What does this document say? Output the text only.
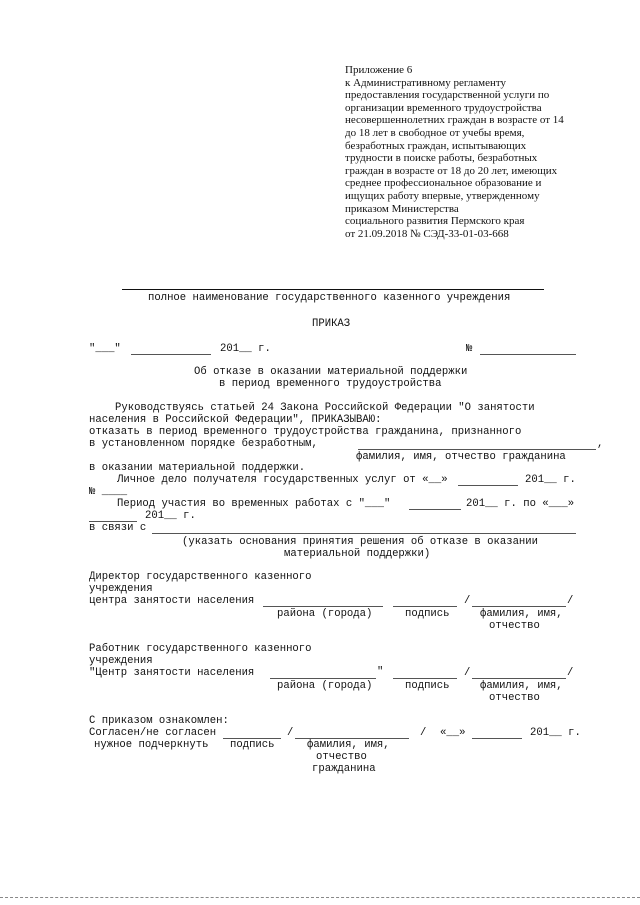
Приложение 6
к Административному регламенту
предоставления государственной услуги по
организации временного трудоустройства
несовершеннолетних граждан в возрасте от 14
до 18 лет в свободное от учебы время,
безработных граждан, испытывающих
трудности в поиске работы, безработных
граждан в возрасте от 18 до 20 лет, имеющих
среднее профессиональное образование и
ищущих работу впервые, утвержденному
приказом Министерства
социального развития Пермского края
от 21.09.2018 № СЭД-33-01-03-668
полное наименование государственного казенного учреждения
ПРИКАЗ
"___"	201__ г.	№
Об отказе в оказании материальной поддержки
в период временного трудоустройства
Руководствуясь статьей 24 Закона Российской Федерации "О занятости
населения в Российской Федерации", ПРИКАЗЫВАЮ:
отказать в период временного трудоустройства гражданина, признанного
в установленном порядке безработным,	,
фамилия, имя, отчество гражданина
в оказании материальной поддержки.
Личное дело получателя государственных услуг от «__»	201__ г.
№ ____
Период участия во временных работах с "___"	201__ г. по «___»
201__ г.
в связи с
(указать основания принятия решения об отказе в оказании
материальной поддержки)
Директор государственного казенного
учреждения
центра занятости населения	/	/
района (города)	подпись	фамилия, имя,
отчество
Работник государственного казенного
учреждения
"Центр занятости населения	"	/	/
района (города)	подпись	фамилия, имя,
отчество
С приказом ознакомлен:
Согласен/не согласен	/	/ «__»	201__ г.
нужное подчеркнуть подпись	фамилия, имя,
отчество
гражданина
